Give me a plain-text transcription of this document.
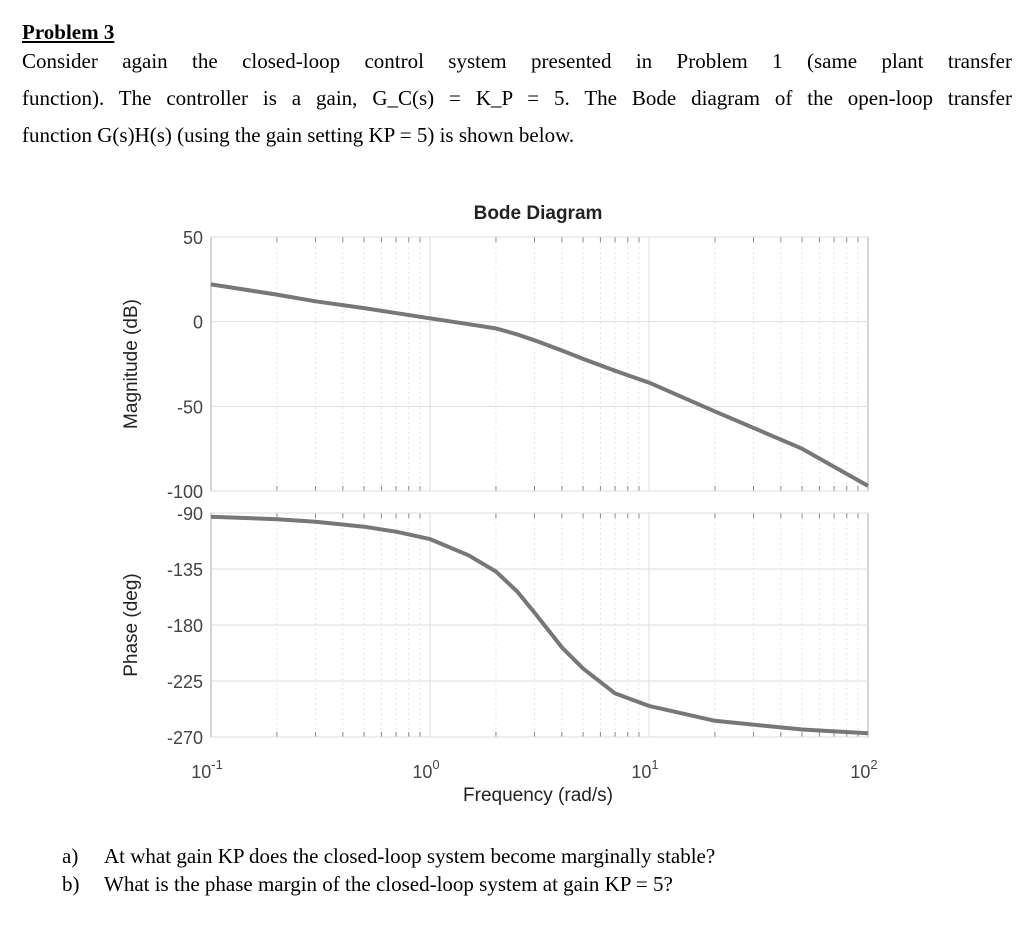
Problem 3
Consider again the closed-loop control system presented in Problem 1 (same plant transfer
function). The controller is a gain, G_C(s) = K_P = 5. The Bode diagram of the open-loop transfer
function G(s)H(s) (using the gain setting KP = 5) is shown below.
Bode Diagram
50
0
-50
-100
-90
-135
-180
-225
-270
$10^{-1}$	$10^0$	$10^1$	$10^2$
Magnitude (dB)
Phase (deg)
Frequency (rad/s)
a) At what gain KP does the closed-loop system become marginally stable?
b) What is the phase margin of the closed-loop system at gain KP = 5?
